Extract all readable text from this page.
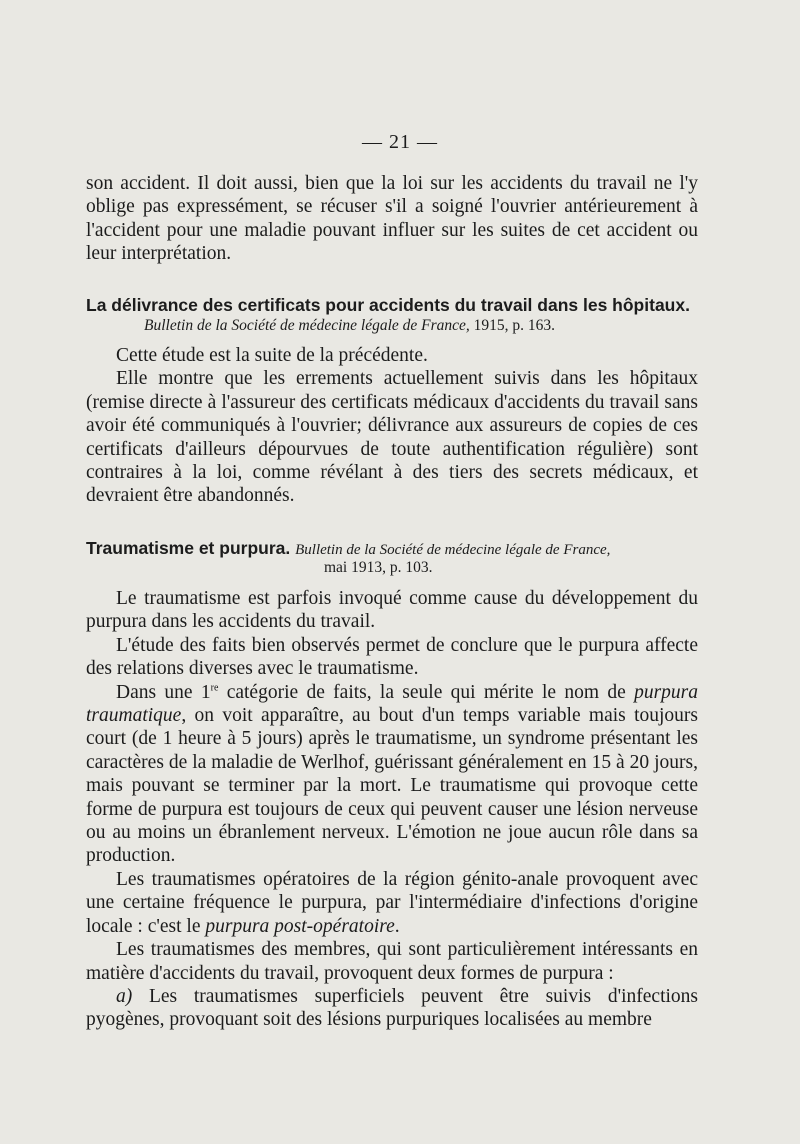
— 21 —

son accident. Il doit aussi, bien que la loi sur les accidents du travail ne l'y oblige pas expressément, se récuser s'il a soigné l'ouvrier antérieurement à l'accident pour une maladie pouvant influer sur les suites de cet accident ou leur interprétation.

La délivrance des certificats pour accidents du travail dans les hôpitaux.
Bulletin de la Société de médecine légale de France, 1915, p. 163.

Cette étude est la suite de la précédente.

Elle montre que les errements actuellement suivis dans les hôpitaux (remise directe à l'assureur des certificats médicaux d'accidents du travail sans avoir été communiqués à l'ouvrier; délivrance aux assureurs de copies de ces certificats d'ailleurs dépourvues de toute authentification régulière) sont contraires à la loi, comme révélant à des tiers des secrets médicaux, et devraient être abandonnés.

Traumatisme et purpura. Bulletin de la Société de médecine légale de France,
mai 1913, p. 103.

Le traumatisme est parfois invoqué comme cause du développement du purpura dans les accidents du travail.

L'étude des faits bien observés permet de conclure que le purpura affecte des relations diverses avec le traumatisme.

Dans une 1re catégorie de faits, la seule qui mérite le nom de purpura traumatique, on voit apparaître, au bout d'un temps variable mais toujours court (de 1 heure à 5 jours) après le traumatisme, un syndrome présentant les caractères de la maladie de Werlhof, guérissant généralement en 15 à 20 jours, mais pouvant se terminer par la mort. Le traumatisme qui provoque cette forme de purpura est toujours de ceux qui peuvent causer une lésion nerveuse ou au moins un ébranlement nerveux. L'émotion ne joue aucun rôle dans sa production.

Les traumatismes opératoires de la région génito-anale provoquent avec une certaine fréquence le purpura, par l'intermédiaire d'infections d'origine locale : c'est le purpura post-opératoire.

Les traumatismes des membres, qui sont particulièrement intéressants en matière d'accidents du travail, provoquent deux formes de purpura :

a) Les traumatismes superficiels peuvent être suivis d'infections pyogènes, provoquant soit des lésions purpuriques localisées au membre
